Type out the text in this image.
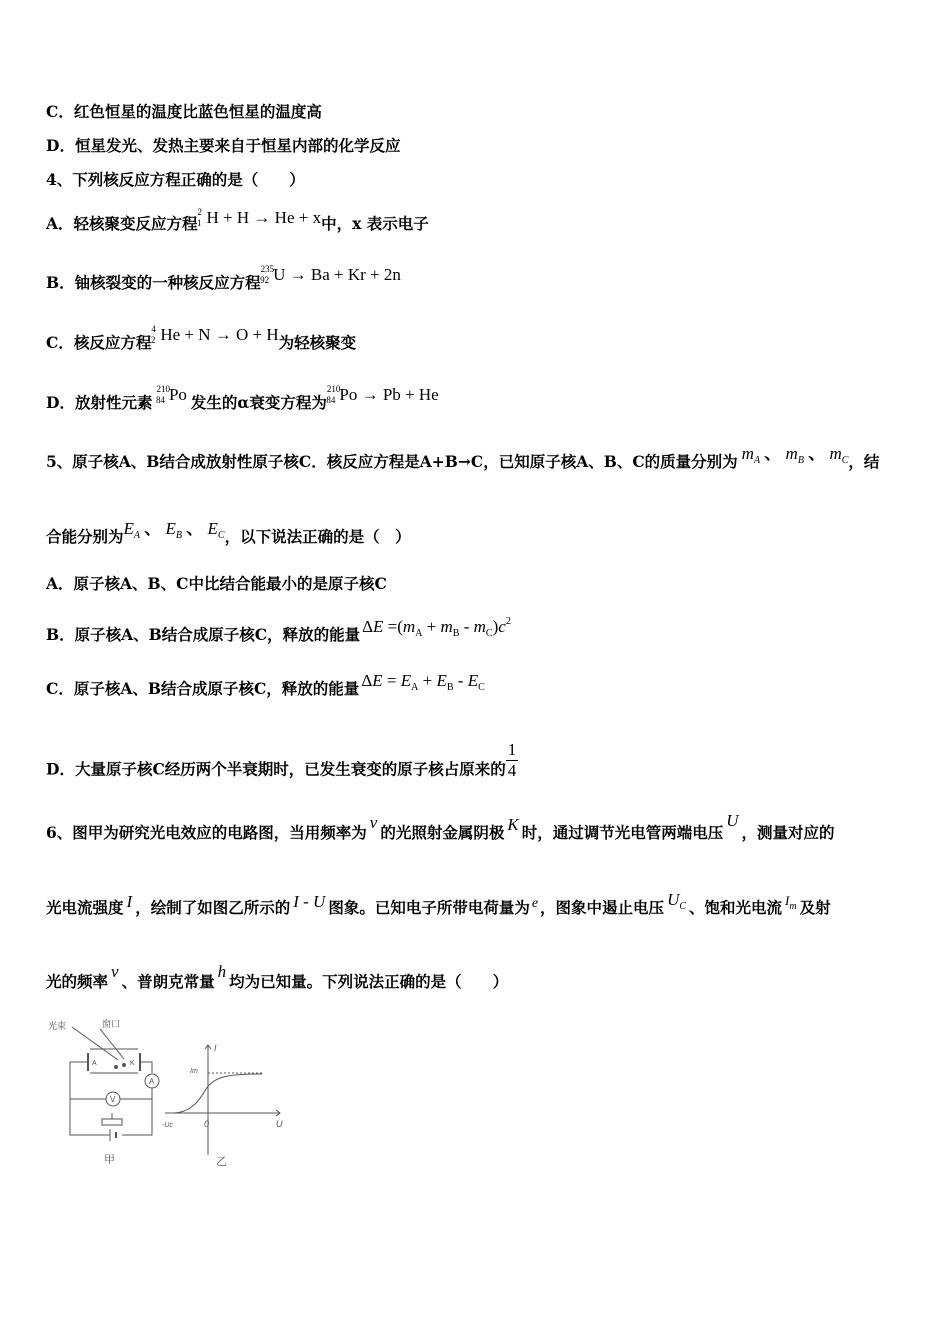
C．红色恒星的温度比蓝色恒星的温度高
D．恒星发光、发热主要来自于恒星内部的化学反应
4、下列核反应方程正确的是（　　）
A．轻核聚变反应方程$^2$1 H + H → He + x中，x 表示电子
B．铀核裂变的一种核反应方程$^{235}$92 U → Ba + Kr + 2n
C．核反应方程$^4$2 He + N → O + H为轻核聚变
D．放射性元素$^{210}$84 Po 发生的α衰变方程为$^{210}$84 Po → Pb + He
5、原子核A、B结合成放射性原子核C．核反应方程是A+B→C，已知原子核A、B、C的质量分别为 $m_A$ 、 $m_B$ 、 $m_C$，结
合能分别为$E_A$ 、 $E_B$ 、 $E_C$，以下说法正确的是（　）
A．原子核A、B、C中比结合能最小的是原子核C
B．原子核A、B结合成原子核C，释放的能量 $\Delta E =(m_A + m_B - m_C)c^2$
C．原子核A、B结合成原子核C，释放的能量 $\Delta E = E_A + E_B - E_C$
D．大量原子核C经历两个半衰期时，已发生衰变的原子核占原来的 $\frac{1}{4}$
6、图甲为研究光电效应的电路图，当用频率为v的光照射金属阴极 K 时，通过调节光电管两端电压U，测量对应的
光电流强度 I ，绘制了如图乙所示的 I - U 图象。已知电子所带电荷量为 e ，图象中遏止电压 $U_C$ 、饱和光电流 $I_m$ 及射
光的频率v、普朗克常量h均为已知量。下列说法正确的是（　　）
光束	窗口
A	K
A
V
甲
I
U
0
-Uc
Im
乙
